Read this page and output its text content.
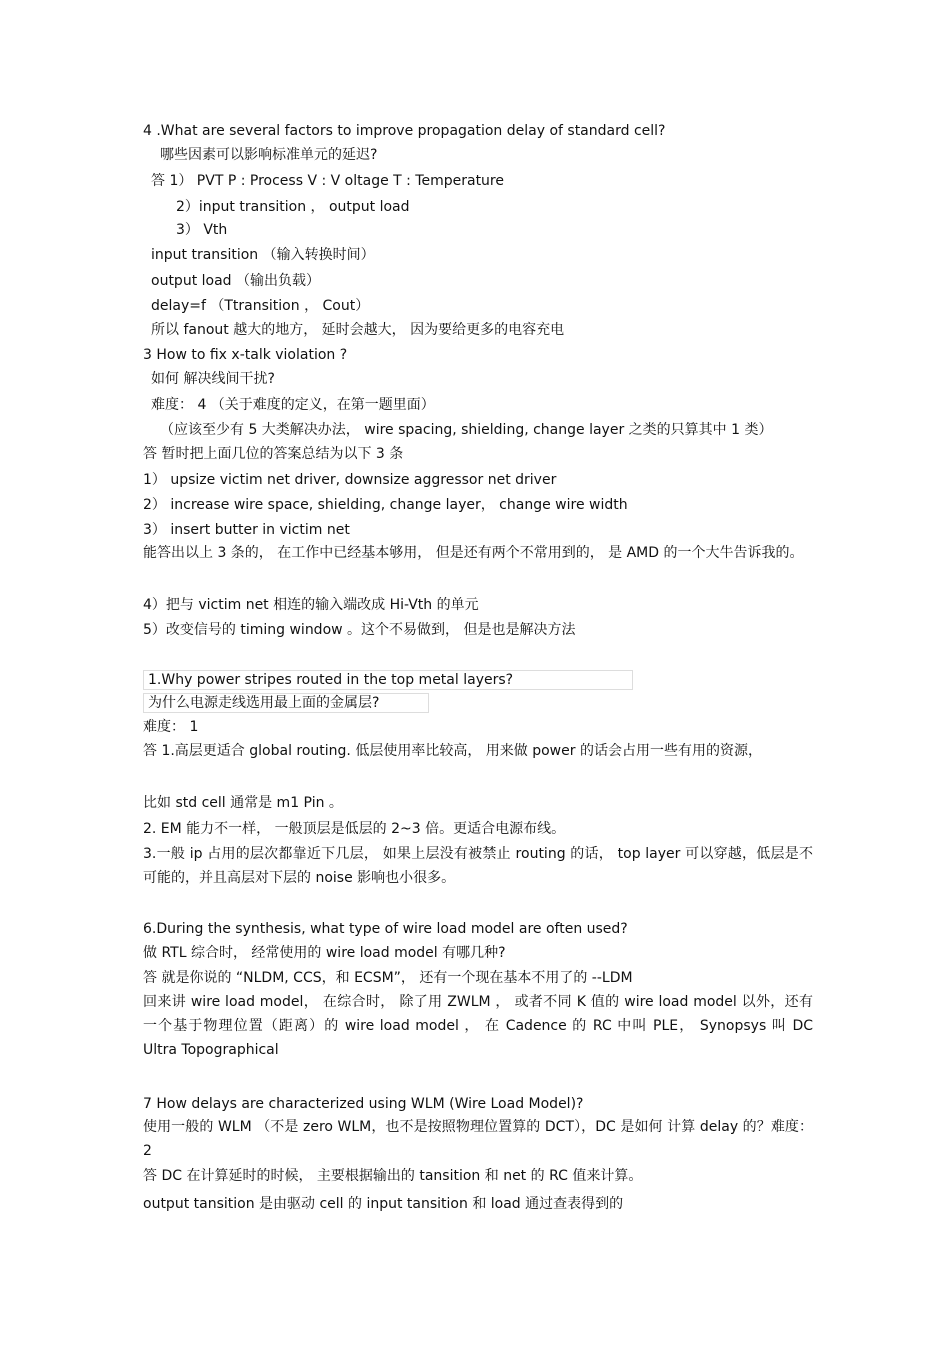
4 .What are several factors to improve propagation delay of standard cell?
哪些因素可以影响标准单元的延迟?
答 1） PVT P : Process V : V oltage T : Temperature
2）input transition ， output load
3） Vth
input transition （输入转换时间）
output load （输出负载）
delay=f （Ttransition ， Cout）
所以 fanout 越大的地方， 延时会越大， 因为要给更多的电容充电
3 How to fix x-talk violation ?
如何 解决线间干扰?
难度： 4 （关于难度的定义，在第一题里面）
（应该至少有 5 大类解决办法， wire spacing, shielding, change layer 之类的只算其中 1 类）
答 暂时把上面几位的答案总结为以下 3 条
1） upsize victim net driver, downsize aggressor net driver
2） increase wire space, shielding, change layer， change wire width
3） insert butter in victim net
能答出以上 3 条的， 在工作中已经基本够用， 但是还有两个不常用到的， 是 AMD 的一个大牛告诉我的。
4）把与 victim net 相连的输入端改成 Hi-Vth 的单元
5）改变信号的 timing window 。这个不易做到， 但是也是解决方法
1.Why power stripes routed in the top metal layers?
为什么电源走线选用最上面的金属层?
难度： 1
答 1.高层更适合 global routing. 低层使用率比较高， 用来做 power 的话会占用一些有用的资源，
比如 std cell 通常是 m1 Pin 。
2. EM 能力不一样， 一般顶层是低层的 2~3 倍。更适合电源布线。
3.一般 ip 占用的层次都靠近下几层， 如果上层没有被禁止 routing 的话， top layer 可以穿越，低层是不可能的，并且高层对下层的 noise 影响也小很多。
6.During the synthesis, what type of wire load model are often used?
做 RTL 综合时， 经常使用的 wire load model 有哪几种?
答 就是你说的 “NLDM, CCS，和 ECSM”， 还有一个现在基本不用了的 --LDM
回来讲 wire load model， 在综合时， 除了用 ZWLM ， 或者不同 K 值的 wire load model 以外，还有一个基于物理位置（距离）的 wire load model ， 在 Cadence 的 RC 中叫 PLE， Synopsys 叫 DC Ultra Topographical
7 How delays are characterized using WLM (Wire Load Model)?
使用一般的 WLM （不是 zero WLM，也不是按照物理位置算的 DCT），DC 是如何 计算 delay 的？难度： 2
答 DC 在计算延时的时候， 主要根据输出的 tansition 和 net 的 RC 值来计算。
output tansition 是由驱动 cell 的 input tansition 和 load 通过查表得到的
